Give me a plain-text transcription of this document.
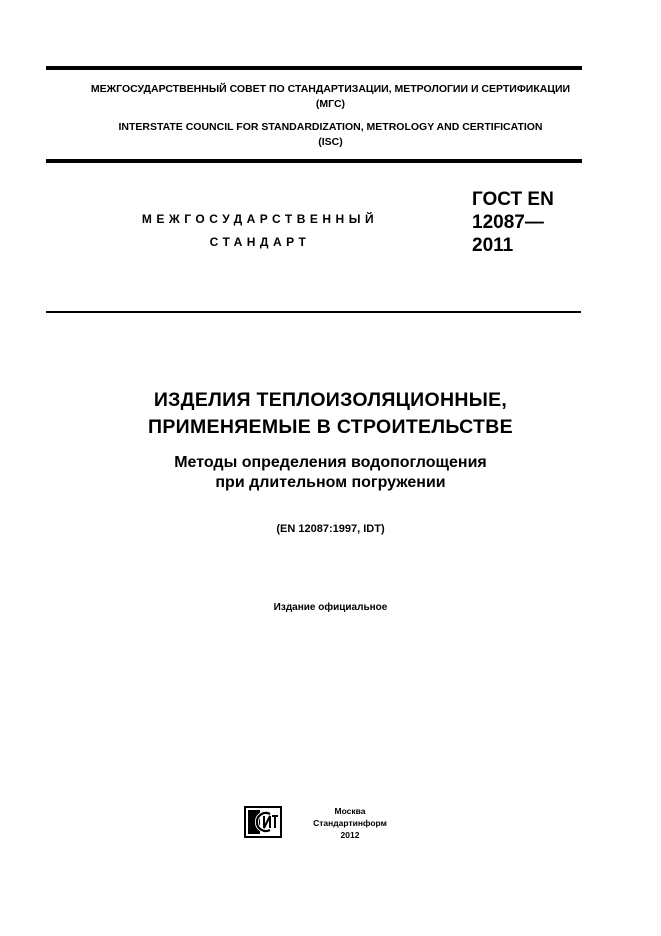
МЕЖГОСУДАРСТВЕННЫЙ СОВЕТ ПО СТАНДАРТИЗАЦИИ, МЕТРОЛОГИИ И СЕРТИФИКАЦИИ
(МГС)
INTERSTATE COUNCIL FOR STANDARDIZATION, METROLOGY AND CERTIFICATION
(ISC)
МЕЖГОСУДАРСТВЕННЫЙ
СТАНДАРТ
ГОСТ EN
12087—
2011
ИЗДЕЛИЯ ТЕПЛОИЗОЛЯЦИОННЫЕ,
ПРИМЕНЯЕМЫЕ В СТРОИТЕЛЬСТВЕ
Методы определения водопоглощения
при длительном погружении
(EN 12087:1997, IDT)
Издание официальное
Москва
Стандартинформ
2012
